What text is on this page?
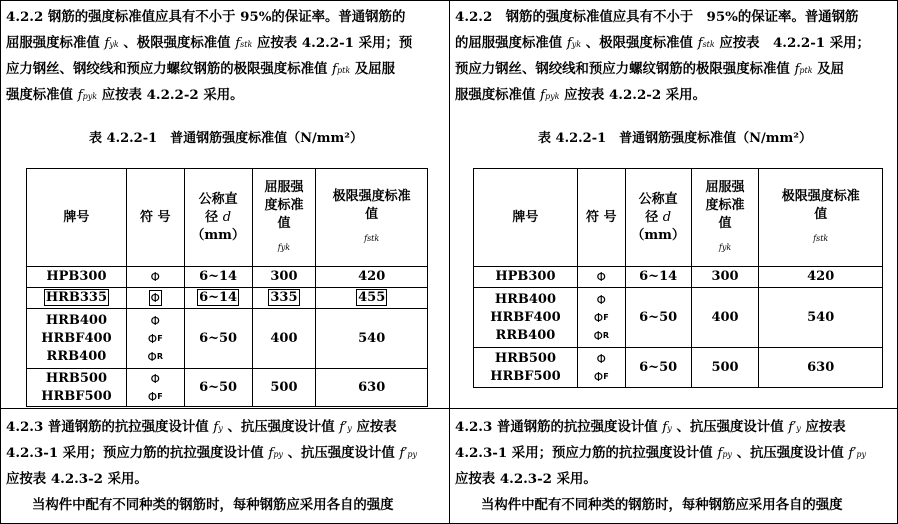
4.2.2 钢筋的强度标准值应具有不小于 95%的保证率。普通钢筋的
屈服强度标准值 fyk 、极限强度标准值 fstk 应按表 4.2.2-1 采用；预
应力钢丝、钢绞线和预应力螺纹钢筋的极限强度标准值 fptk 及屈服
强度标准值 fpyk 应按表 4.2.2-2 采用。
表 4.2.2-1　普通钢筋强度标准值（N/mm²）
牌号	符 号	公称直
径 d
（mm）	屈服强
度标准
值
fyk	极限强度标准
值
fstk

HPB300	Φ	6~14	300	420
HRB335	Φ	6~14	335	455
HRB400
HRBF400
RRB400	Φ
$\Phi^F$
$\Phi^R$	6~50	400	540
HRB500
HRBF500	Φ
$\Phi^F$	6~50	500	630
4.2.3 普通钢筋的抗拉强度设计值 fy 、抗压强度设计值 f′y 应按表
4.2.3-1 采用；预应力筋的抗拉强度设计值 fpy 、抗压强度设计值 f′py
应按表 4.2.3-2 采用。
当构件中配有不同种类的钢筋时，每种钢筋应采用各自的强度
4.2.2　钢筋的强度标准值应具有不小于　95%的保证率。普通钢筋
的屈服强度标准值 fyk 、极限强度标准值 fstk 应按表　4.2.2-1 采用；
预应力钢丝、钢绞线和预应力螺纹钢筋的极限强度标准值 fptk 及屈
服强度标准值 fpyk 应按表 4.2.2-2 采用。
表 4.2.2-1　普通钢筋强度标准值（N/mm²）
牌号	符 号	公称直
径 d
（mm）	屈服强
度标准
值
fyk	极限强度标准
值
fstk

HPB300	Φ	6~14	300	420
HRB400
HRBF400
RRB400	Φ
$\Phi^F$
$\Phi^R$	6~50	400	540
HRB500
HRBF500	Φ
$\Phi^F$	6~50	500	630
4.2.3 普通钢筋的抗拉强度设计值 fy 、抗压强度设计值 f′y 应按表
4.2.3-1 采用；预应力筋的抗拉强度设计值 fpy 、抗压强度设计值 f′py
应按表 4.2.3-2 采用。
当构件中配有不同种类的钢筋时，每种钢筋应采用各自的强度
